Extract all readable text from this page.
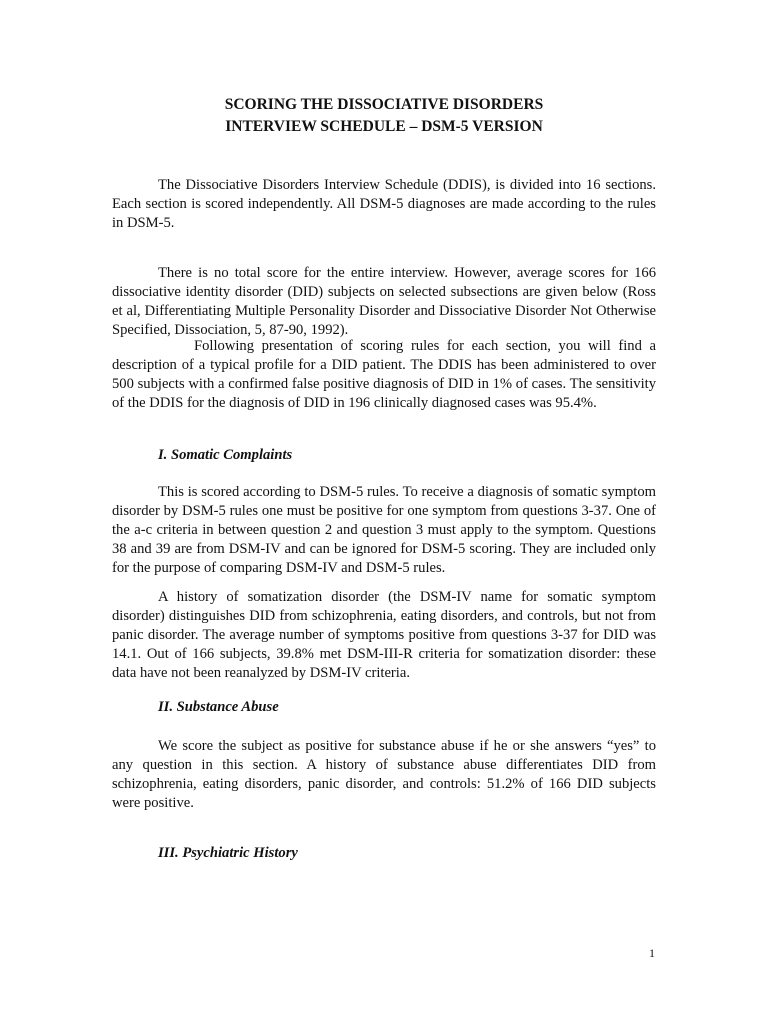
SCORING THE DISSOCIATIVE DISORDERS
INTERVIEW SCHEDULE – DSM-5 VERSION

The Dissociative Disorders Interview Schedule (DDIS), is divided into 16 sections. Each section is scored independently. All DSM-5 diagnoses are made according to the rules in DSM-5.

There is no total score for the entire interview. However, average scores for 166 dissociative identity disorder (DID) subjects on selected subsections are given below (Ross et al, Differentiating Multiple Personality Disorder and Dissociative Disorder Not Otherwise Specified, Dissociation, 5, 87-90, 1992).

Following presentation of scoring rules for each section, you will find a description of a typical profile for a DID patient. The DDIS has been administered to over 500 subjects with a confirmed false positive diagnosis of DID in 1% of cases. The sensitivity of the DDIS for the diagnosis of DID in 196 clinically diagnosed cases was 95.4%.

I. Somatic Complaints

This is scored according to DSM-5 rules. To receive a diagnosis of somatic symptom disorder by DSM-5 rules one must be positive for one symptom from questions 3-37. One of the a-c criteria in between question 2 and question 3 must apply to the symptom. Questions 38 and 39 are from DSM-IV and can be ignored for DSM-5 scoring. They are included only for the purpose of comparing DSM-IV and DSM-5 rules.

A history of somatization disorder (the DSM-IV name for somatic symptom disorder) distinguishes DID from schizophrenia, eating disorders, and controls, but not from panic disorder. The average number of symptoms positive from questions 3-37 for DID was 14.1. Out of 166 subjects, 39.8% met DSM-III-R criteria for somatization disorder: these data have not been reanalyzed by DSM-IV criteria.

II. Substance Abuse

We score the subject as positive for substance abuse if he or she answers “yes” to any question in this section. A history of substance abuse differentiates DID from schizophrenia, eating disorders, panic disorder, and controls: 51.2% of 166 DID subjects were positive.

III. Psychiatric History
1
